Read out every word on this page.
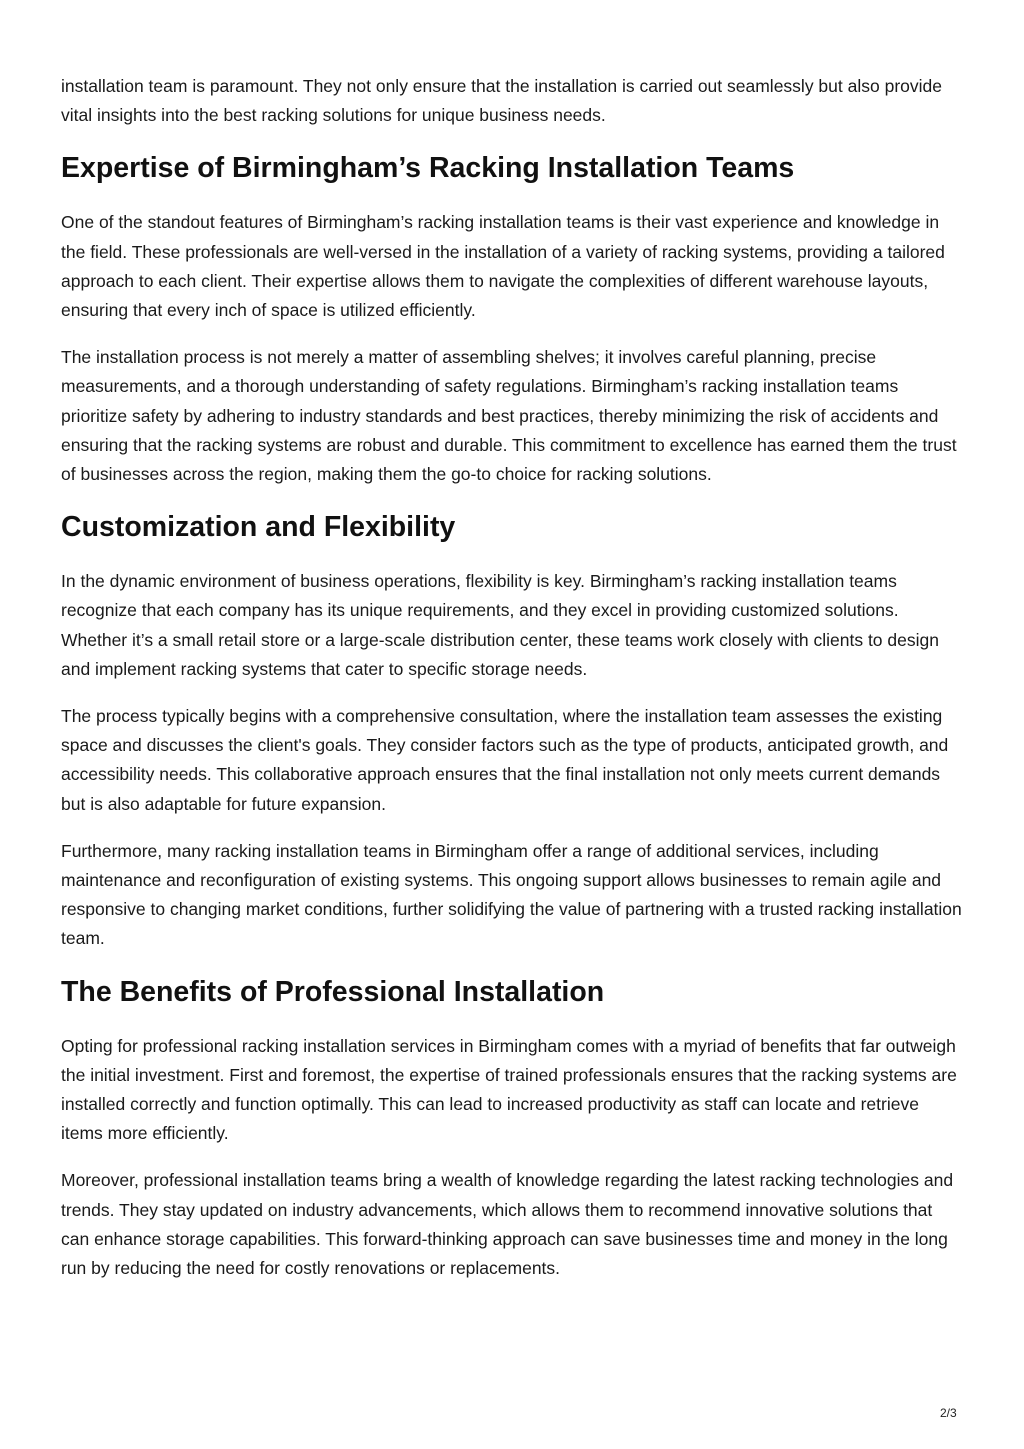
installation team is paramount. They not only ensure that the installation is carried out seamlessly but also provide vital insights into the best racking solutions for unique business needs.

Expertise of Birmingham’s Racking Installation Teams

One of the standout features of Birmingham’s racking installation teams is their vast experience and knowledge in the field. These professionals are well-versed in the installation of a variety of racking systems, providing a tailored approach to each client. Their expertise allows them to navigate the complexities of different warehouse layouts, ensuring that every inch of space is utilized efficiently.

The installation process is not merely a matter of assembling shelves; it involves careful planning, precise measurements, and a thorough understanding of safety regulations. Birmingham’s racking installation teams prioritize safety by adhering to industry standards and best practices, thereby minimizing the risk of accidents and ensuring that the racking systems are robust and durable. This commitment to excellence has earned them the trust of businesses across the region, making them the go-to choice for racking solutions.

Customization and Flexibility

In the dynamic environment of business operations, flexibility is key. Birmingham’s racking installation teams recognize that each company has its unique requirements, and they excel in providing customized solutions. Whether it’s a small retail store or a large-scale distribution center, these teams work closely with clients to design and implement racking systems that cater to specific storage needs.

The process typically begins with a comprehensive consultation, where the installation team assesses the existing space and discusses the client's goals. They consider factors such as the type of products, anticipated growth, and accessibility needs. This collaborative approach ensures that the final installation not only meets current demands but is also adaptable for future expansion.

Furthermore, many racking installation teams in Birmingham offer a range of additional services, including maintenance and reconfiguration of existing systems. This ongoing support allows businesses to remain agile and responsive to changing market conditions, further solidifying the value of partnering with a trusted racking installation team.

The Benefits of Professional Installation

Opting for professional racking installation services in Birmingham comes with a myriad of benefits that far outweigh the initial investment. First and foremost, the expertise of trained professionals ensures that the racking systems are installed correctly and function optimally. This can lead to increased productivity as staff can locate and retrieve items more efficiently.

Moreover, professional installation teams bring a wealth of knowledge regarding the latest racking technologies and trends. They stay updated on industry advancements, which allows them to recommend innovative solutions that can enhance storage capabilities. This forward-thinking approach can save businesses time and money in the long run by reducing the need for costly renovations or replacements.

2/3
